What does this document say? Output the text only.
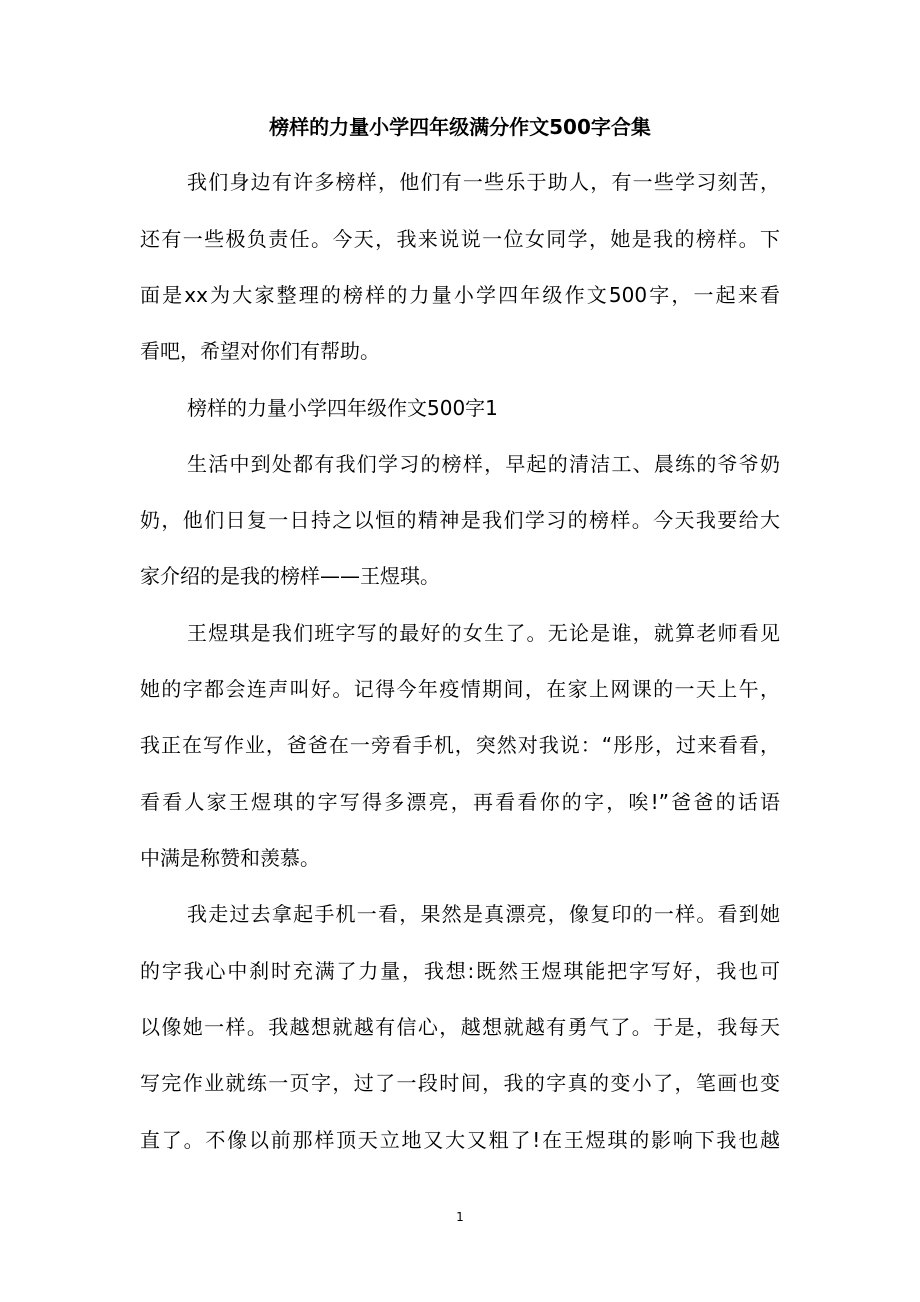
榜样的力量小学四年级满分作文500字合集
我们身边有许多榜样，他们有一些乐于助人，有一些学习刻苦，
还有一些极负责任。今天，我来说说一位女同学，她是我的榜样。下
面是xx为大家整理的榜样的力量小学四年级作文500字，一起来看
看吧，希望对你们有帮助。
榜样的力量小学四年级作文500字1
生活中到处都有我们学习的榜样，早起的清洁工、晨练的爷爷奶
奶，他们日复一日持之以恒的精神是我们学习的榜样。今天我要给大
家介绍的是我的榜样——王煜琪。
王煜琪是我们班字写的最好的女生了。无论是谁，就算老师看见
她的字都会连声叫好。记得今年疫情期间，在家上网课的一天上午，
我正在写作业，爸爸在一旁看手机，突然对我说：“彤彤，过来看看，
看看人家王煜琪的字写得多漂亮，再看看你的字，唉!”爸爸的话语
中满是称赞和羡慕。
我走过去拿起手机一看，果然是真漂亮，像复印的一样。看到她
的字我心中刹时充满了力量，我想:既然王煜琪能把字写好，我也可
以像她一样。我越想就越有信心，越想就越有勇气了。于是，我每天
写完作业就练一页字，过了一段时间，我的字真的变小了，笔画也变
直了。不像以前那样顶天立地又大又粗了!在王煜琪的影响下我也越
1
